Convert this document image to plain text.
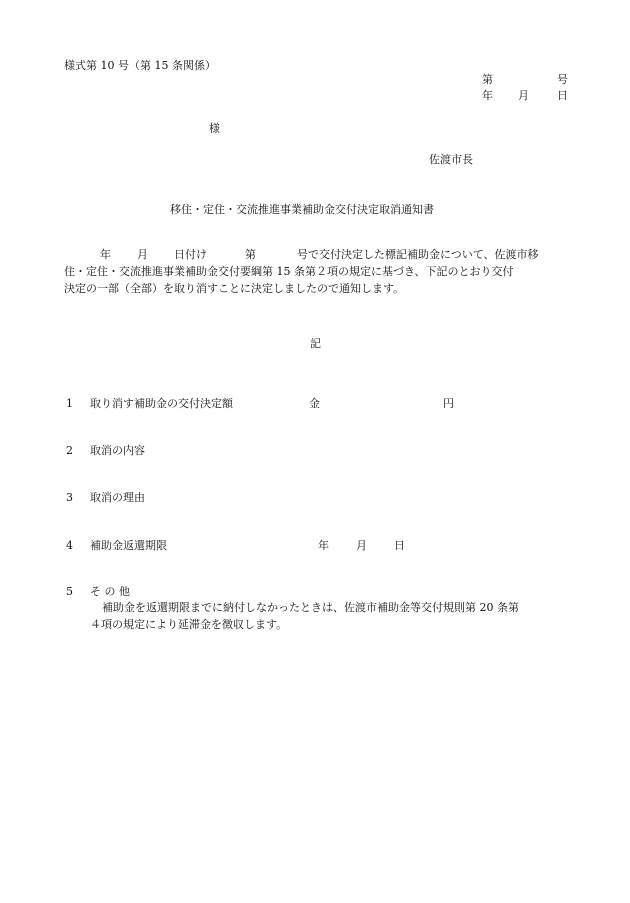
様式第 10 号（第 15 条関係）
第	号
年 月	日
様
佐渡市長
移住・定住・交流推進事業補助金交付決定取消通知書
年 月 日付け	第	号で交付決定した標記補助金について、佐渡市移
住・定住・交流推進事業補助金交付要綱第 15 条第２項の規定に基づき、下記のとおり交付
決定の一部（全部）を取り消すことに決定しましたので通知します。
記
1 取り消す補助金の交付決定額	金	円
2 取消の内容
3 取消の理由
4 補助金返還期限	年 月 日
5 そ の 他
補助金を返還期限までに納付しなかったときは、佐渡市補助金等交付規則第 20 条第
４項の規定により延滞金を徴収します。
